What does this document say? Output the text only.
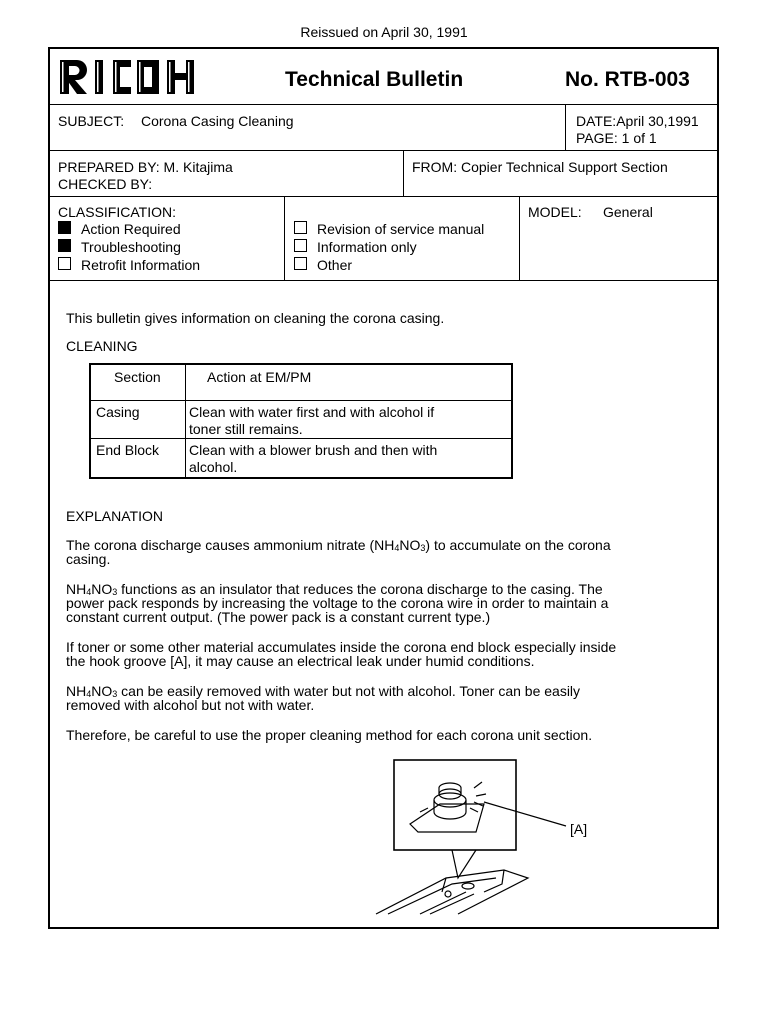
Reissued on April 30, 1991
Technical Bulletin	No. RTB-003
SUBJECT: Corona Casing Cleaning	DATE:April 30,1991
PAGE: 1 of 1
PREPARED BY: M. Kitajima
CHECKED BY:
FROM: Copier Technical Support Section
CLASSIFICATION:
Action Required
Troubleshooting
Retrofit Information
Revision of service manual
Information only
Other
MODEL: General
This bulletin gives information on cleaning the corona casing.
CLEANING
Section	Action at EM/PM
Casing	Clean with water first and with alcohol if
toner still remains.
End Block Clean with a blower brush and then with
alcohol.
EXPLANATION
The corona discharge causes ammonium nitrate $(NH_4NO_3)$ to accumulate on the corona
casing.
$NH_4NO_3$ functions as an insulator that reduces the corona discharge to the casing. The
power pack responds by increasing the voltage to the corona wire in order to maintain a
constant current output. (The power pack is a constant current type.)
If toner or some other material accumulates inside the corona end block especially inside
the hook groove [A], it may cause an electrical leak under humid conditions.
$NH_4NO_3$ can be easily removed with water but not with alcohol. Toner can be easily
removed with alcohol but not with water.
Therefore, be careful to use the proper cleaning method for each corona unit section.
[A]
